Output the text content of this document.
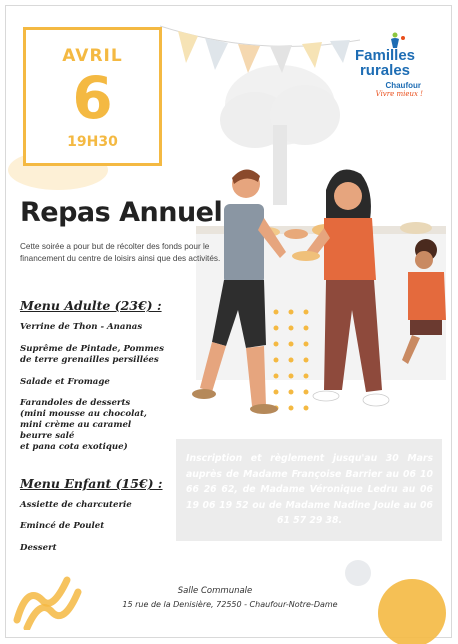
AVRIL
6
19H30
Familles
rurales
Chaufour
Vivre mieux !
Repas Annuel
Cette soirée a pour but de récolter des fonds pour le financement du centre de loisirs ainsi que des activités.
Menu Adulte (23€) :
Verrine de Thon - Ananas
Suprême de Pintade, Pommes
de terre grenailles persillées
Salade et Fromage
Farandoles de desserts
(mini mousse au chocolat,
mini crème au caramel
beurre salé
et pana cota exotique)
Menu Enfant (15€) :
Assiette de charcuterie
Emincé de Poulet
Dessert
Inscription et règlement jusqu'au 30 Mars auprès de Madame Françoise Barrier au 06 10 66 26 62, de Madame Véronique Ledru au 06 19 06 19 52 ou de Madame Nadine Joule au 06 61 57 29 38.
Salle Communale
15 rue de la Denisière, 72550 - Chaufour-Notre-Dame
